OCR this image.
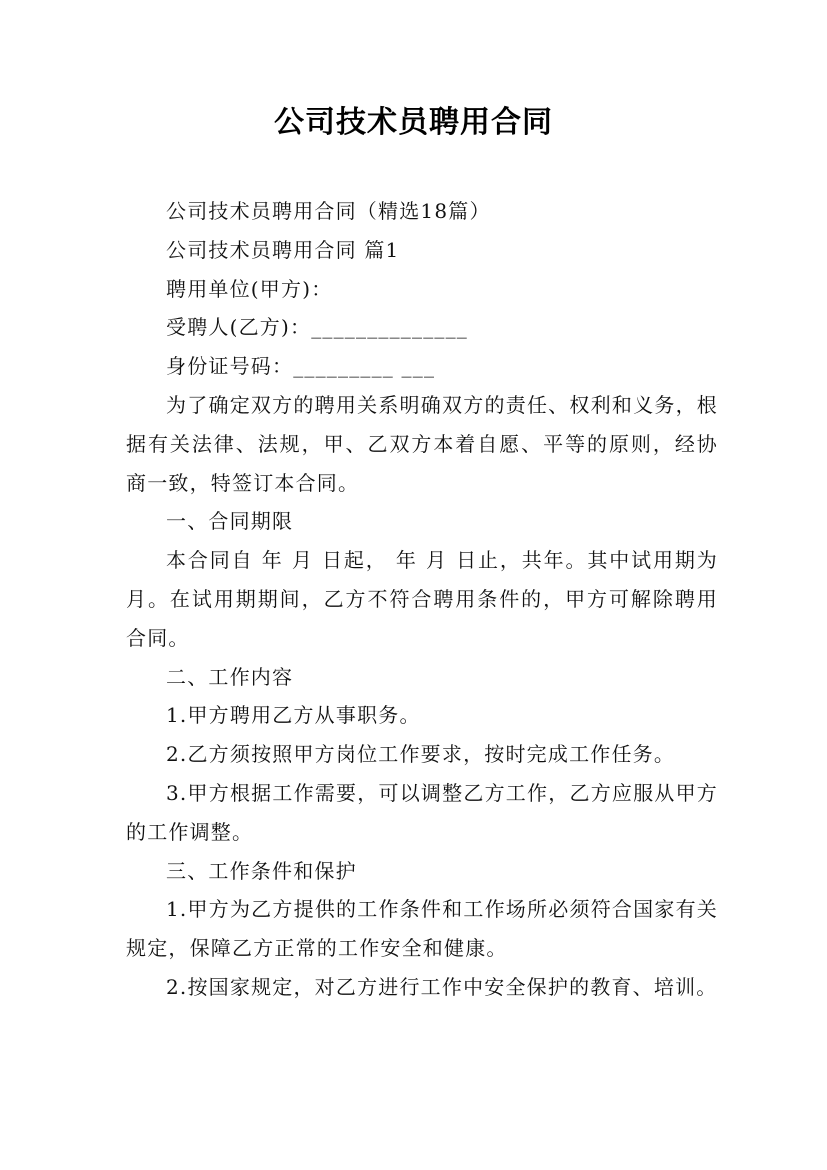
公司技术员聘用合同

公司技术员聘用合同（精选18篇）

公司技术员聘用合同 篇1

聘用单位(甲方)：

受聘人(乙方)：______________

身份证号码：_________ ___

为了确定双方的聘用关系明确双方的责任、权利和义务，根据有关法律、法规，甲、乙双方本着自愿、平等的原则，经协商一致，特签订本合同。

一、合同期限

本合同自 年 月 日起， 年 月 日止，共年。其中试用期为月。在试用期期间，乙方不符合聘用条件的，甲方可解除聘用合同。

二、工作内容

1.甲方聘用乙方从事职务。

2.乙方须按照甲方岗位工作要求，按时完成工作任务。

3.甲方根据工作需要，可以调整乙方工作，乙方应服从甲方的工作调整。

三、工作条件和保护

1.甲方为乙方提供的工作条件和工作场所必须符合国家有关规定，保障乙方正常的工作安全和健康。

2.按国家规定，对乙方进行工作中安全保护的教育、培训。
